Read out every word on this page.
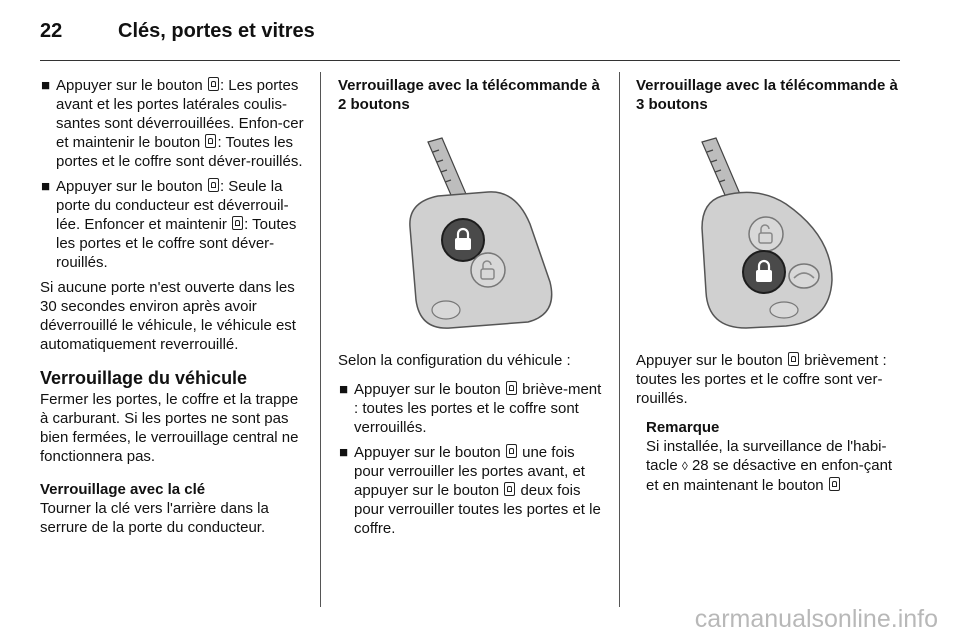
22	Clés, portes et vitres
■ Appuyer sur le bouton : Les portes avant et les portes latérales coulis-santes sont déverrouillées. Enfon-cer et maintenir le bouton : Toutes les portes et le coffre sont déver-rouillés.
■ Appuyer sur le bouton : Seule la porte du conducteur est déverrouil-lée. Enfoncer et maintenir : Toutes les portes et le coffre sont déver-rouillés.
Si aucune porte n'est ouverte dans les 30 secondes environ après avoir déverrouillé le véhicule, le véhicule est automatiquement reverrouillé.
Verrouillage du véhicule
Fermer les portes, le coffre et la trappe à carburant. Si les portes ne sont pas bien fermées, le verrouillage central ne fonctionnera pas.
Verrouillage avec la clé
Tourner la clé vers l'arrière dans la serrure de la porte du conducteur.
Verrouillage avec la télécommande à 2 boutons
Selon la configuration du véhicule :
■ Appuyer sur le bouton briève-ment : toutes les portes et le coffre sont verrouillés.
■ Appuyer sur le bouton une fois pour verrouiller les portes avant, et appuyer sur le bouton deux fois pour verrouiller toutes les portes et le coffre.
Verrouillage avec la télécommande à 3 boutons
Appuyer sur le bouton brièvement : toutes les portes et le coffre sont ver-rouillés.
Remarque
Si installée, la surveillance de l'habi-tacle ◊ 28 se désactive en enfon-çant et en maintenant le bouton
carmanualsonline.info
